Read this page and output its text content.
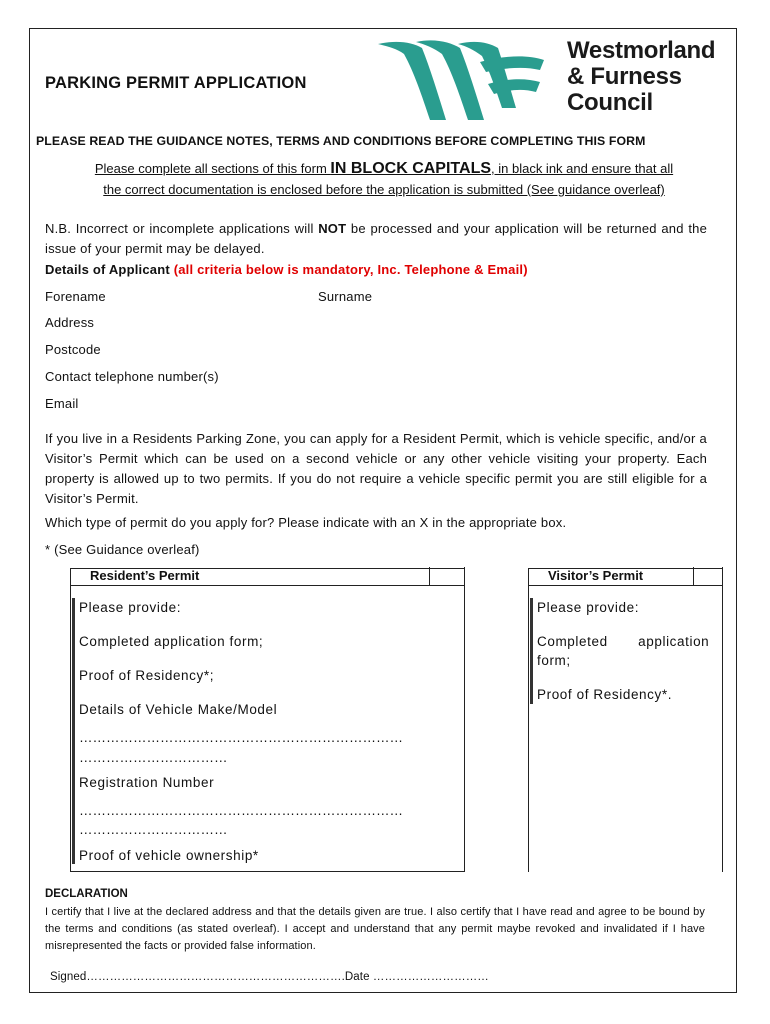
PARKING PERMIT APPLICATION
Westmorland
& Furness
Council
PLEASE READ THE GUIDANCE NOTES, TERMS AND CONDITIONS BEFORE COMPLETING THIS FORM
Please complete all sections of this form IN BLOCK CAPITALS, in black ink and ensure that all
the correct documentation is enclosed before the application is submitted (See guidance overleaf)
N.B. Incorrect or incomplete applications will NOT be processed and your application will be returned and the issue of your permit may be delayed.
Details of Applicant (all criteria below is mandatory, Inc. Telephone & Email)
Forename	Surname
Address
Postcode
Contact telephone number(s)
Email
If you live in a Residents Parking Zone, you can apply for a Resident Permit, which is vehicle specific, and/or a Visitor’s Permit which can be used on a second vehicle or any other vehicle visiting your property. Each property is allowed up to two permits. If you do not require a vehicle specific permit you are still eligible for a Visitor’s Permit.
Which type of permit do you apply for? Please indicate with an X in the appropriate box.
* (See Guidance overleaf)
Resident’s Permit
Please provide:
Completed application form;
Proof of Residency*;
Details of Vehicle Make/Model
………………………………………………………………
……………………………
Registration Number
………………………………………………………………
……………………………
Proof of vehicle ownership*
Visitor’s Permit
Please provide:
Completed       application
form;
Proof of Residency*.
DECLARATION
I certify that I live at the declared address and that the details given are true. I also certify that I have read and agree to be bound by the terms and conditions (as stated overleaf). I accept and understand that any permit maybe revoked and invalidated if I have misrepresented the facts or provided false information.
Signed………………………………………………………….Date …………………………
